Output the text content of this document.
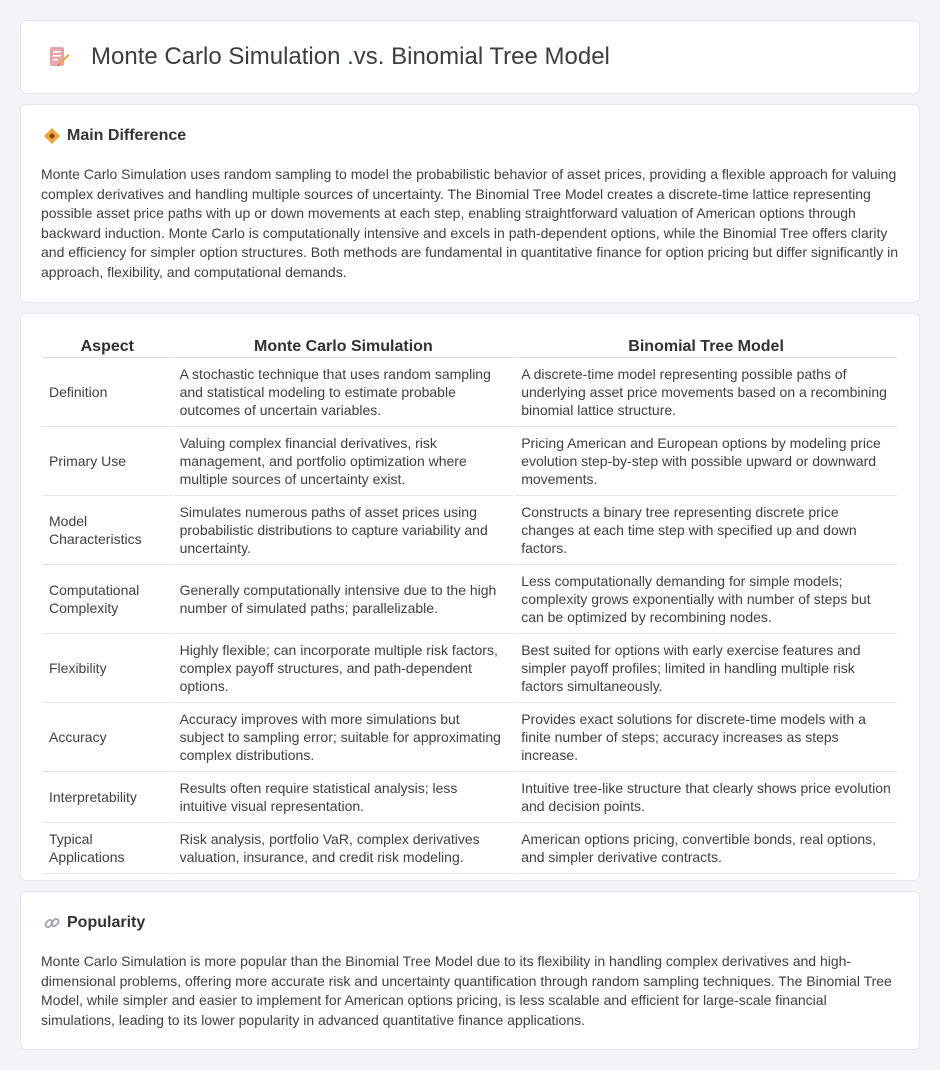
Monte Carlo Simulation .vs. Binomial Tree Model
Main Difference

Monte Carlo Simulation uses random sampling to model the probabilistic behavior of asset prices, providing a flexible approach for valuing complex derivatives and handling multiple sources of uncertainty. The Binomial Tree Model creates a discrete-time lattice representing possible asset price paths with up or down movements at each step, enabling straightforward valuation of American options through backward induction. Monte Carlo is computationally intensive and excels in path-dependent options, while the Binomial Tree offers clarity and efficiency for simpler option structures. Both methods are fundamental in quantitative finance for option pricing but differ significantly in approach, flexibility, and computational demands.

Aspect	Monte Carlo Simulation	Binomial Tree Model
Definition	A stochastic technique that uses random sampling and statistical modeling to estimate probable outcomes of uncertain variables.	A discrete-time model representing possible paths of underlying asset price movements based on a recombining binomial lattice structure.
Primary Use	Valuing complex financial derivatives, risk management, and portfolio optimization where multiple sources of uncertainty exist.	Pricing American and European options by modeling price evolution step-by-step with possible upward or downward movements.
Model Characteristics	Simulates numerous paths of asset prices using probabilistic distributions to capture variability and uncertainty.	Constructs a binary tree representing discrete price changes at each time step with specified up and down factors.
Computational Complexity	Generally computationally intensive due to the high number of simulated paths; parallelizable.	Less computationally demanding for simple models; complexity grows exponentially with number of steps but can be optimized by recombining nodes.
Flexibility	Highly flexible; can incorporate multiple risk factors, complex payoff structures, and path-dependent options.	Best suited for options with early exercise features and simpler payoff profiles; limited in handling multiple risk factors simultaneously.
Accuracy	Accuracy improves with more simulations but subject to sampling error; suitable for approximating complex distributions.	Provides exact solutions for discrete-time models with a finite number of steps; accuracy increases as steps increase.
Interpretability	Results often require statistical analysis; less intuitive visual representation.	Intuitive tree-like structure that clearly shows price evolution and decision points.
Typical Applications	Risk analysis, portfolio VaR, complex derivatives valuation, insurance, and credit risk modeling.	American options pricing, convertible bonds, real options, and simpler derivative contracts.
Popularity

Monte Carlo Simulation is more popular than the Binomial Tree Model due to its flexibility in handling complex derivatives and high-dimensional problems, offering more accurate risk and uncertainty quantification through random sampling techniques. The Binomial Tree Model, while simpler and easier to implement for American options pricing, is less scalable and efficient for large-scale financial simulations, leading to its lower popularity in advanced quantitative finance applications.
